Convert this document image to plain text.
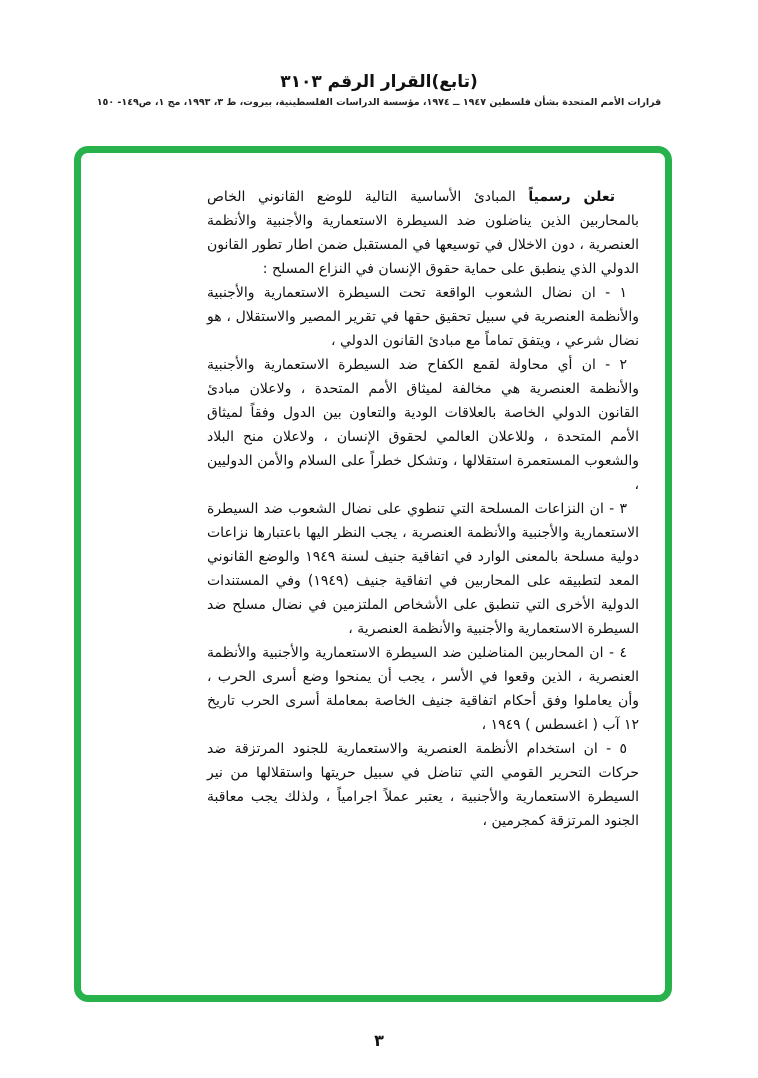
(تابع)القرار الرقم ٣١٠٣
قرارات الأمم المتحدة بشأن فلسطين ١٩٤٧ ــ ١٩٧٤، مؤسسة الدراسات الفلسطينية، بيروت، ط ٣، ١٩٩٣، مج ١، ص١٤٩- ١٥٠

تعلن رسمياً المبادئ الأساسية التالية للوضع القانوني الخاص بالمحاربين الذين يناضلون ضد السيطرة الاستعمارية والأجنبية والأنظمة العنصرية ، دون الاخلال في توسيعها في المستقبل ضمن اطار تطور القانون الدولي الذي ينطبق على حماية حقوق الإنسان في النزاع المسلح :

١ - ان نضال الشعوب الواقعة تحت السيطرة الاستعمارية والأجنبية والأنظمة العنصرية في سبيل تحقيق حقها في تقرير المصير والاستقلال ، هو نضال شرعي ، ويتفق تماماً مع مبادئ القانون الدولي ،

٢ - ان أي محاولة لقمع الكفاح ضد السيطرة الاستعمارية والأجنبية والأنظمة العنصرية هي مخالفة لميثاق الأمم المتحدة ، ولاعلان مبادئ القانون الدولي الخاصة بالعلاقات الودية والتعاون بين الدول وفقاً لميثاق الأمم المتحدة ، وللاعلان العالمي لحقوق الإنسان ، ولاعلان منح البلاد والشعوب المستعمرة استقلالها ، وتشكل خطراً على السلام والأمن الدوليين ،

٣ - ان النزاعات المسلحة التي تنطوي على نضال الشعوب ضد السيطرة الاستعمارية والأجنبية والأنظمة العنصرية ، يجب النظر اليها باعتبارها نزاعات دولية مسلحة بالمعنى الوارد في اتفاقية جنيف لسنة ١٩٤٩ والوضع القانوني المعد لتطبيقه على المحاربين في اتفاقية جنيف (١٩٤٩) وفي المستندات الدولية الأخرى التي تنطبق على الأشخاص الملتزمين في نضال مسلح ضد السيطرة الاستعمارية والأجنبية والأنظمة العنصرية ،

٤ - ان المحاربين المناضلين ضد السيطرة الاستعمارية والأجنبية والأنظمة العنصرية ، الذين وقعوا في الأسر ، يجب أن يمنحوا وضع أسرى الحرب ، وأن يعاملوا وفق أحكام اتفاقية جنيف الخاصة بمعاملة أسرى الحرب تاريخ ١٢ آب ( اغسطس ) ١٩٤٩ ،

٥ - ان استخدام الأنظمة العنصرية والاستعمارية للجنود المرتزقة ضد حركات التحرير القومي التي تناضل في سبيل حريتها واستقلالها من نير السيطرة الاستعمارية والأجنبية ، يعتبر عملاً اجرامياً ، ولذلك يجب معاقبة الجنود المرتزقة كمجرمين ،

٣
